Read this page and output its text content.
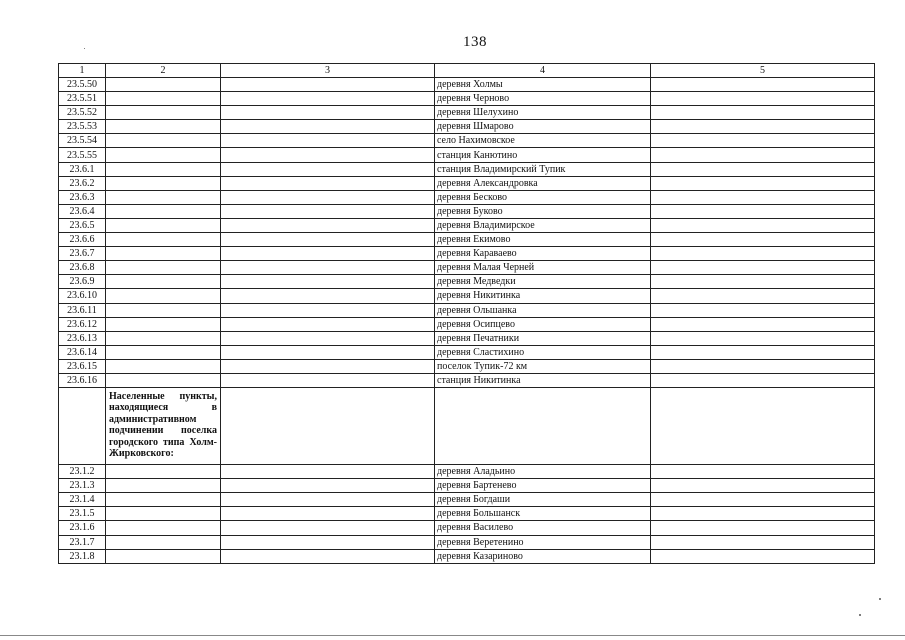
138
1	2	3	4	5
23.5.50			деревня Холмы	
23.5.51			деревня Черново	
23.5.52			деревня Шелухино	
23.5.53			деревня Шмарово	
23.5.54			село Нахимовское	
23.5.55			станция Канютино	
23.6.1			станция Владимирский Тупик	
23.6.2			деревня Александровка	
23.6.3			деревня Бесково	
23.6.4			деревня Буково	
23.6.5			деревня Владимирское	
23.6.6			деревня Екимово	
23.6.7			деревня Караваево	
23.6.8			деревня Малая Черней	
23.6.9			деревня Медведки	
23.6.10			деревня Никитинка	
23.6.11			деревня Ольшанка	
23.6.12			деревня Осипцево	
23.6.13			деревня Печатники	
23.6.14			деревня Сластихино	
23.6.15			поселок Тупик-72 км	
23.6.16			станция Никитинка	
	Населенные пункты, находящиеся в административном подчинении поселка городского типа Холм-Жирковского:			
23.1.2			деревня Аладьино	
23.1.3			деревня Бартенево	
23.1.4			деревня Богдаши	
23.1.5			деревня Большанск	
23.1.6			деревня Василево	
23.1.7			деревня Веретенино	
23.1.8			деревня Казариново	
